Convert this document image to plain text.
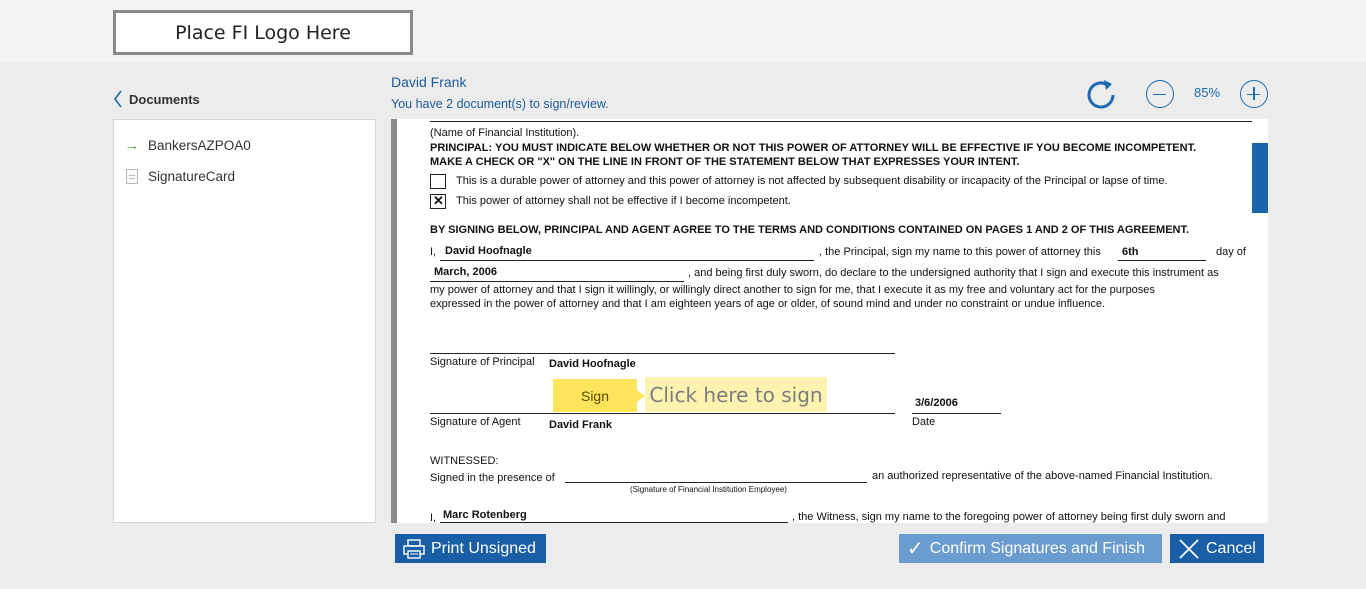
Place FI Logo Here
Documents
→ BankersAZPOA0
SignatureCard
David Frank
You have 2 document(s) to sign/review.
85%
(Name of Financial Institution).
PRINCIPAL: YOU MUST INDICATE BELOW WHETHER OR NOT THIS POWER OF ATTORNEY WILL BE EFFECTIVE IF YOU BECOME INCOMPETENT.
MAKE A CHECK OR "X" ON THE LINE IN FRONT OF THE STATEMENT BELOW THAT EXPRESSES YOUR INTENT.
This is a durable power of attorney and this power of attorney is not affected by subsequent disability or incapacity of the Principal or lapse of time.
✕
This power of attorney shall not be effective if I become incompetent.
BY SIGNING BELOW, PRINCIPAL AND AGENT AGREE TO THE TERMS AND CONDITIONS CONTAINED ON PAGES 1 AND 2 OF THIS AGREEMENT.
I, David Hoofnagle	, the Principal, sign my name to this power of attorney this 6th	day of
March, 2006	, and being first duly sworn, do declare to the undersigned authority that I sign and execute this instrument as
my power of attorney and that I sign it willingly, or willingly direct another to sign for me, that I execute it as my free and voluntary act for the purposes
expressed in the power of attorney and that I am eighteen years of age or older, of sound mind and under no constraint or undue influence.
Signature of Principal David Hoofnagle
Sign	Click here to sign	3/6/2006
Signature of Agent	David Frank	Date
WITNESSED:
Signed in the presence of	an authorized representative of the above-named Financial Institution.
(Signature of Financial Institution Employee)
I, Marc Rotenberg	, the Witness, sign my name to the foregoing power of attorney being first duly sworn and
Print Unsigned	✓ Confirm Signatures and Finish	Cancel
